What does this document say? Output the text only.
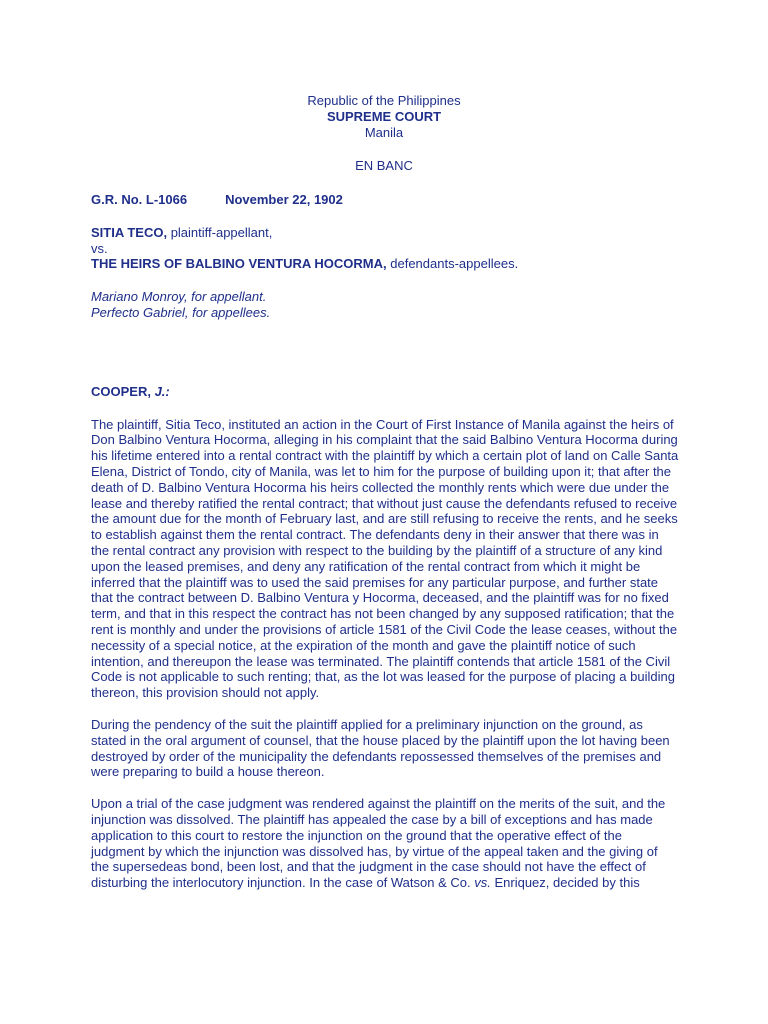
Republic of the Philippines
SUPREME COURT
Manila
EN BANC
G.R. No. L-1066	November 22, 1902
SITIA TECO, plaintiff-appellant,
vs.
THE HEIRS OF BALBINO VENTURA HOCORMA, defendants-appellees.
Mariano Monroy, for appellant.
Perfecto Gabriel, for appellees.
COOPER, J.:

The plaintiff, Sitia Teco, instituted an action in the Court of First Instance of Manila against the heirs of Don Balbino Ventura Hocorma, alleging in his complaint that the said Balbino Ventura Hocorma during his lifetime entered into a rental contract with the plaintiff by which a certain plot of land on Calle Santa Elena, District of Tondo, city of Manila, was let to him for the purpose of building upon it; that after the death of D. Balbino Ventura Hocorma his heirs collected the monthly rents which were due under the lease and thereby ratified the rental contract; that without just cause the defendants refused to receive the amount due for the month of February last, and are still refusing to receive the rents, and he seeks to establish against them the rental contract. The defendants deny in their answer that there was in the rental contract any provision with respect to the building by the plaintiff of a structure of any kind upon the leased premises, and deny any ratification of the rental contract from which it might be inferred that the plaintiff was to used the said premises for any particular purpose, and further state that the contract between D. Balbino Ventura y Hocorma, deceased, and the plaintiff was for no fixed term, and that in this respect the contract has not been changed by any supposed ratification; that the rent is monthly and under the provisions of article 1581 of the Civil Code the lease ceases, without the necessity of a special notice, at the expiration of the month and gave the plaintiff notice of such intention, and thereupon the lease was terminated. The plaintiff contends that article 1581 of the Civil Code is not applicable to such renting; that, as the lot was leased for the purpose of placing a building thereon, this provision should not apply.

During the pendency of the suit the plaintiff applied for a preliminary injunction on the ground, as stated in the oral argument of counsel, that the house placed by the plaintiff upon the lot having been destroyed by order of the municipality the defendants repossessed themselves of the premises and were preparing to build a house thereon.

Upon a trial of the case judgment was rendered against the plaintiff on the merits of the suit, and the injunction was dissolved. The plaintiff has appealed the case by a bill of exceptions and has made application to this court to restore the injunction on the ground that the operative effect of the judgment by which the injunction was dissolved has, by virtue of the appeal taken and the giving of the supersedeas bond, been lost, and that the judgment in the case should not have the effect of disturbing the interlocutory injunction. In the case of Watson & Co. vs. Enriquez, decided by this
